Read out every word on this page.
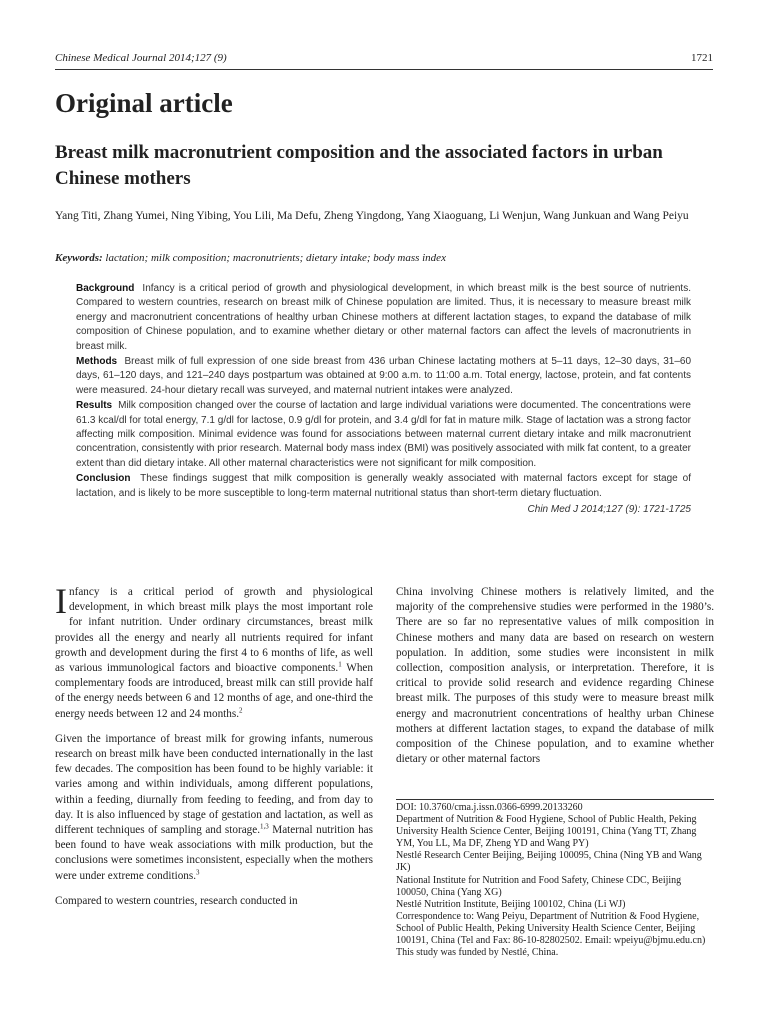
Chinese Medical Journal 2014;127 (9)	1721
Original article
Breast milk macronutrient composition and the associated factors in urban Chinese mothers
Yang Titi, Zhang Yumei, Ning Yibing, You Lili, Ma Defu, Zheng Yingdong, Yang Xiaoguang, Li Wenjun, Wang Junkuan and Wang Peiyu
Keywords: lactation; milk composition; macronutrients; dietary intake; body mass index

Background Infancy is a critical period of growth and physiological development, in which breast milk is the best source of nutrients. Compared to western countries, research on breast milk of Chinese population are limited. Thus, it is necessary to measure breast milk energy and macronutrient concentrations of healthy urban Chinese mothers at different lactation stages, to expand the database of milk composition of Chinese population, and to examine whether dietary or other maternal factors can affect the levels of macronutrients in breast milk.

Methods Breast milk of full expression of one side breast from 436 urban Chinese lactating mothers at 5–11 days, 12–30 days, 31–60 days, 61–120 days, and 121–240 days postpartum was obtained at 9:00 a.m. to 11:00 a.m. Total energy, lactose, protein, and fat contents were measured. 24-hour dietary recall was surveyed, and maternal nutrient intakes were analyzed.

Results Milk composition changed over the course of lactation and large individual variations were documented. The concentrations were 61.3 kcal/dl for total energy, 7.1 g/dl for lactose, 0.9 g/dl for protein, and 3.4 g/dl for fat in mature milk. Stage of lactation was a strong factor affecting milk composition. Minimal evidence was found for associations between maternal current dietary intake and milk macronutrient concentration, consistently with prior research. Maternal body mass index (BMI) was positively associated with milk fat content, to a greater extent than did dietary intake. All other maternal characteristics were not significant for milk composition.

Conclusion These findings suggest that milk composition is generally weakly associated with maternal factors except for stage of lactation, and is likely to be more susceptible to long-term maternal nutritional status than short-term dietary fluctuation.

Chin Med J 2014;127 (9): 1721-1725

Infancy is a critical period of growth and physiological development, in which breast milk plays the most important role for infant nutrition. Under ordinary circumstances, breast milk provides all the energy and nearly all nutrients required for infant growth and development during the first 4 to 6 months of life, as well as various immunological factors and bioactive components.$^1$ When complementary foods are introduced, breast milk can still provide half of the energy needs between 6 and 12 months of age, and one-third the energy needs between 12 and 24 months.$^2$

Given the importance of breast milk for growing infants, numerous research on breast milk have been conducted internationally in the last few decades. The composition has been found to be highly variable: it varies among and within individuals, among different populations, within a feeding, diurnally from feeding to feeding, and from day to day. It is also influenced by stage of gestation and lactation, as well as different techniques of sampling and storage.$^{1,3}$ Maternal nutrition has been found to have weak associations with milk production, but the conclusions were sometimes inconsistent, especially when the mothers were under extreme conditions.$^3$

Compared to western countries, research conducted in

China involving Chinese mothers is relatively limited, and the majority of the comprehensive studies were performed in the 1980’s. There are so far no representative values of milk composition in Chinese mothers and many data are based on research on western population. In addition, some studies were inconsistent in milk collection, composition analysis, or interpretation. Therefore, it is critical to provide solid research and evidence regarding Chinese breast milk. The purposes of this study were to measure breast milk energy and macronutrient concentrations of healthy urban Chinese mothers at different lactation stages, to expand the database of milk composition of the Chinese population, and to examine whether dietary or other maternal factors

DOI: 10.3760/cma.j.issn.0366-6999.20133260
Department of Nutrition & Food Hygiene, School of Public Health, Peking University Health Science Center, Beijing 100191, China (Yang TT, Zhang YM, You LL, Ma DF, Zheng YD and Wang PY)
Nestlé Research Center Beijing, Beijing 100095, China (Ning YB and Wang JK)
National Institute for Nutrition and Food Safety, Chinese CDC, Beijing 100050, China (Yang XG)
Nestlé Nutrition Institute, Beijing 100102, China (Li WJ)
Correspondence to: Wang Peiyu, Department of Nutrition & Food Hygiene, School of Public Health, Peking University Health Science Center, Beijing 100191, China (Tel and Fax: 86-10-82802502. Email: wpeiyu@bjmu.edu.cn)
This study was funded by Nestlé, China.
